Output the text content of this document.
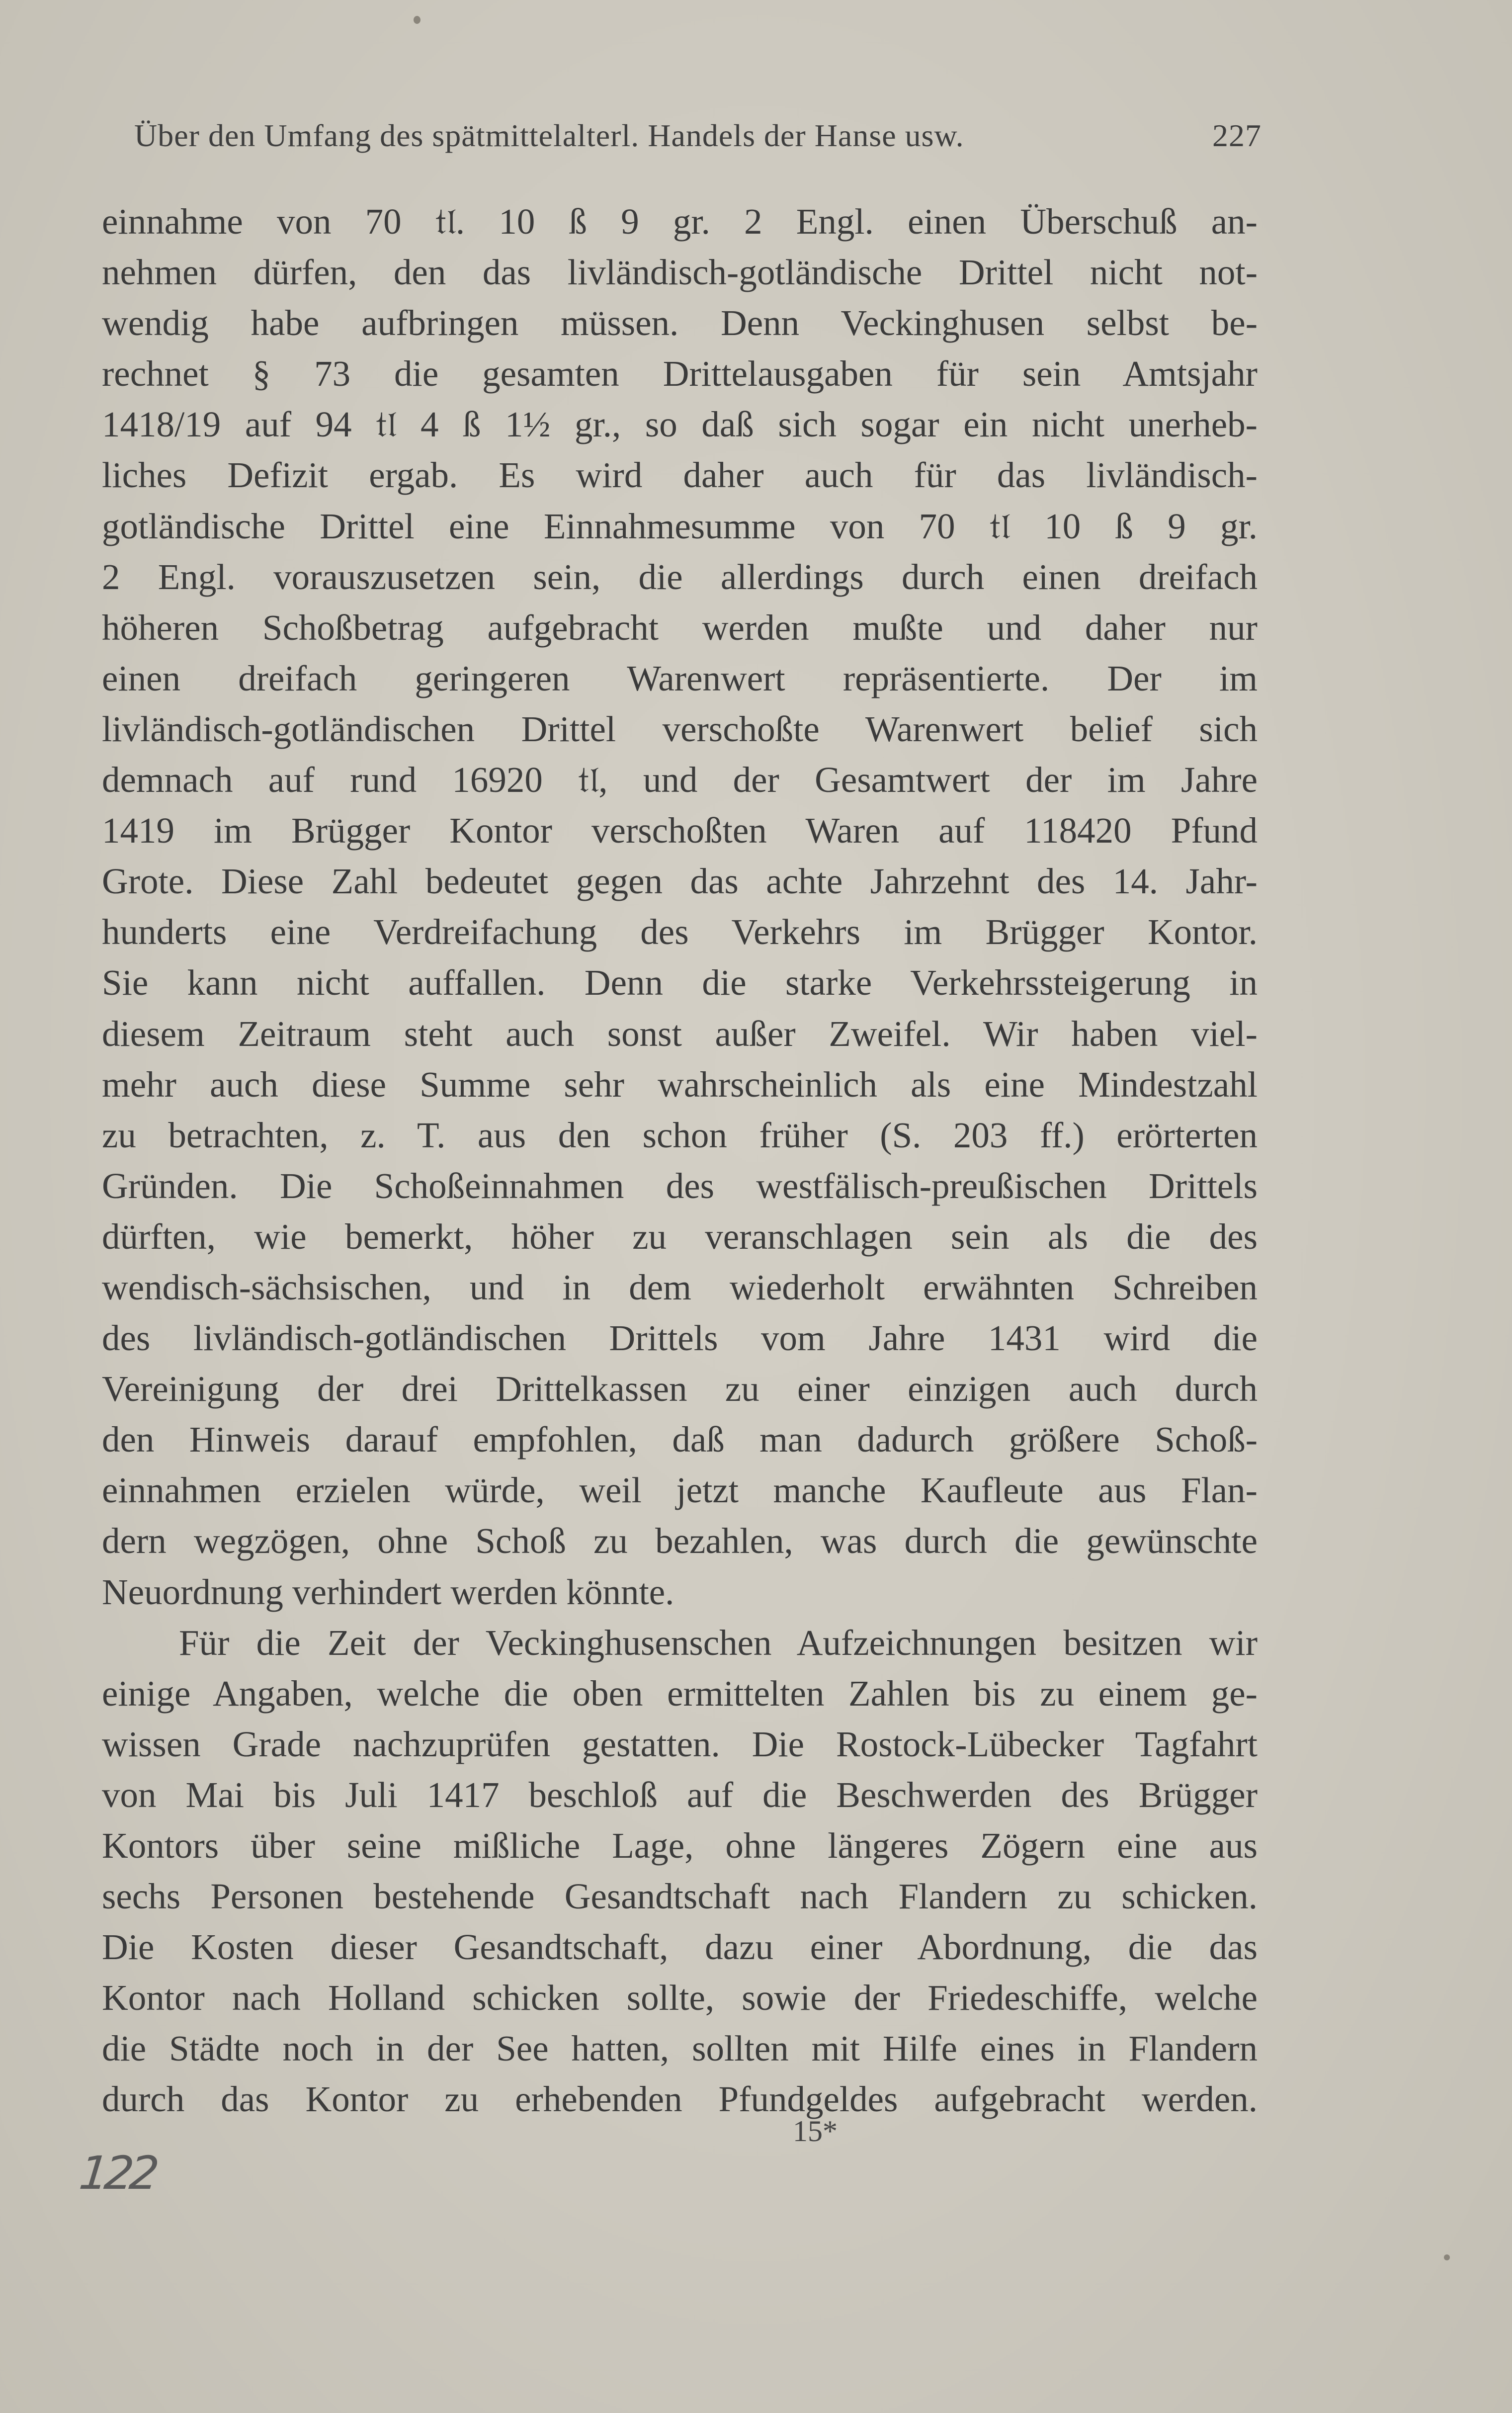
Über den Umfang des spätmittelalterl. Handels der Hanse usw.	227
einnahme von 70 𝔱𝔩. 10 ß 9 gr. 2 Engl. einen Überschuß an-
nehmen dürfen, den das livländisch-gotländische Drittel nicht not-
wendig habe aufbringen müssen. Denn Veckinghusen selbst be-
rechnet § 73 die gesamten Drittelausgaben für sein Amtsjahr
1418/19 auf 94 𝔱𝔩 4 ß 1½ gr., so daß sich sogar ein nicht unerheb-
liches Defizit ergab. Es wird daher auch für das livländisch-
gotländische Drittel eine Einnahmesumme von 70 𝔱𝔩 10 ß 9 gr.
2 Engl. vorauszusetzen sein, die allerdings durch einen dreifach
höheren Schoßbetrag aufgebracht werden mußte und daher nur
einen dreifach geringeren Warenwert repräsentierte. Der im
livländisch-gotländischen Drittel verschoßte Warenwert belief sich
demnach auf rund 16920 𝔱𝔩, und der Gesamtwert der im Jahre
1419 im Brügger Kontor verschoßten Waren auf 118420 Pfund
Grote. Diese Zahl bedeutet gegen das achte Jahrzehnt des 14. Jahr-
hunderts eine Verdreifachung des Verkehrs im Brügger Kontor.
Sie kann nicht auffallen. Denn die starke Verkehrssteigerung in
diesem Zeitraum steht auch sonst außer Zweifel. Wir haben viel-
mehr auch diese Summe sehr wahrscheinlich als eine Mindestzahl
zu betrachten, z. T. aus den schon früher (S. 203 ff.) erörterten
Gründen. Die Schoßeinnahmen des westfälisch-preußischen Drittels
dürften, wie bemerkt, höher zu veranschlagen sein als die des
wendisch-sächsischen, und in dem wiederholt erwähnten Schreiben
des livländisch-gotländischen Drittels vom Jahre 1431 wird die
Vereinigung der drei Drittelkassen zu einer einzigen auch durch
den Hinweis darauf empfohlen, daß man dadurch größere Schoß-
einnahmen erzielen würde, weil jetzt manche Kaufleute aus Flan-
dern wegzögen, ohne Schoß zu bezahlen, was durch die gewünschte
Neuordnung verhindert werden könnte.
Für die Zeit der Veckinghusenschen Aufzeichnungen besitzen wir
einige Angaben, welche die oben ermittelten Zahlen bis zu einem ge-
wissen Grade nachzuprüfen gestatten. Die Rostock-Lübecker Tagfahrt
von Mai bis Juli 1417 beschloß auf die Beschwerden des Brügger
Kontors über seine mißliche Lage, ohne längeres Zögern eine aus
sechs Personen bestehende Gesandtschaft nach Flandern zu schicken.
Die Kosten dieser Gesandtschaft, dazu einer Abordnung, die das
Kontor nach Holland schicken sollte, sowie der Friedeschiffe, welche
die Städte noch in der See hatten, sollten mit Hilfe eines in Flandern
durch das Kontor zu erhebenden Pfundgeldes aufgebracht werden.
15*
122
